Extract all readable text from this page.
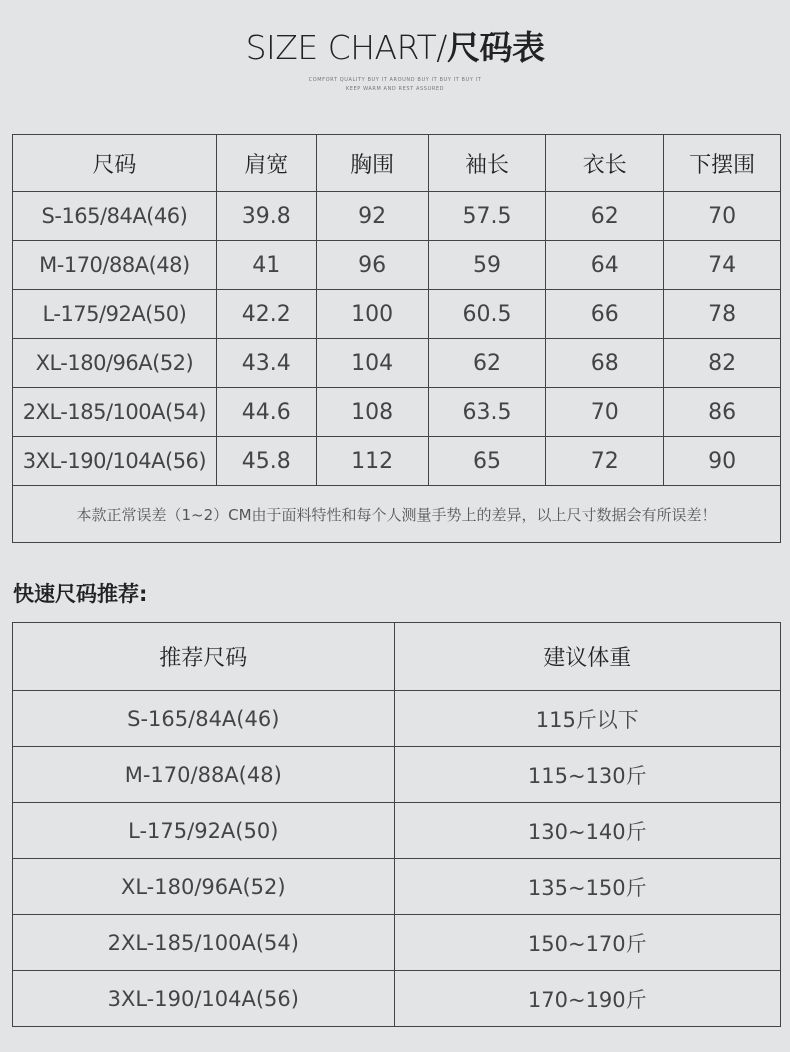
SIZE CHART/尺码表
COMFORT QUALITY BUY IT AROUND BUY IT BUY IT BUY IT
KEEP WARM AND REST ASSURED
尺码	肩宽	胸围	袖长	衣长	下摆围
S-165/84A(46)	39.8	92	57.5	62	70
M-170/88A(48)	41	96	59	64	74
L-175/92A(50)	42.2	100	60.5	66	78
XL-180/96A(52)	43.4	104	62	68	82
2XL-185/100A(54)	44.6	108	63.5	70	86
3XL-190/104A(56)	45.8	112	65	72	90
本款正常误差（1~2）CM由于面料特性和每个人测量手势上的差异，以上尺寸数据会有所误差！					
快速尺码推荐:
推荐尺码	建议体重
S-165/84A(46)	115斤以下
M-170/88A(48)	115~130斤
L-175/92A(50)	130~140斤
XL-180/96A(52)	135~150斤
2XL-185/100A(54)	150~170斤
3XL-190/104A(56)	170~190斤
